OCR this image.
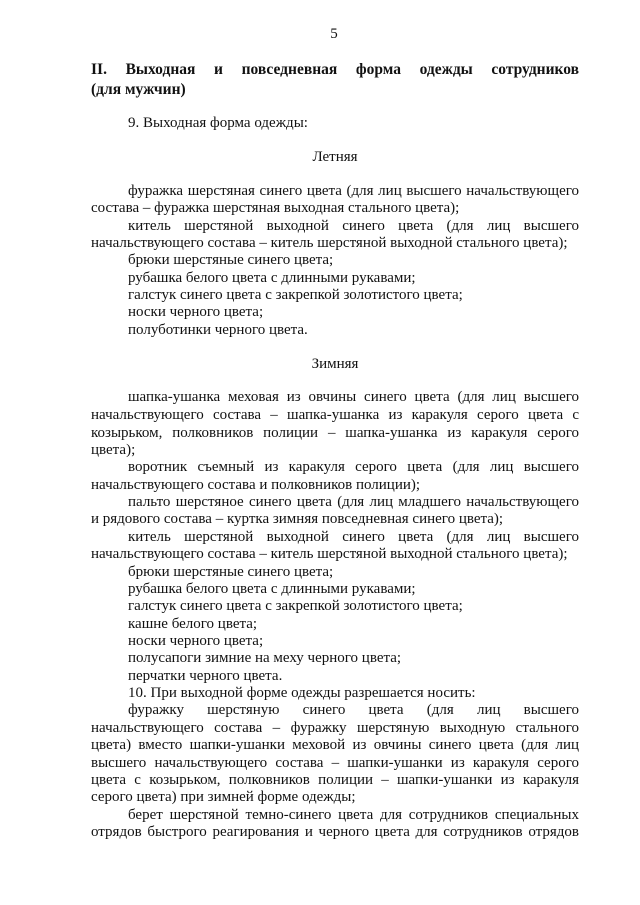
5
II. Выходная и повседневная форма одежды сотрудников
(для мужчин)
9. Выходная форма одежды:
Летняя
фуражка шерстяная синего цвета (для лиц высшего начальствующего
состава – фуражка шерстяная выходная стального цвета);
китель шерстяной выходной синего цвета (для лиц высшего
начальствующего состава – китель шерстяной выходной стального цвета);
брюки шерстяные синего цвета;
рубашка белого цвета с длинными рукавами;
галстук синего цвета с закрепкой золотистого цвета;
носки черного цвета;
полуботинки черного цвета.
Зимняя
шапка-ушанка меховая из овчины синего цвета (для лиц высшего
начальствующего состава – шапка-ушанка из каракуля серого цвета с
козырьком, полковников полиции – шапка-ушанка из каракуля серого
цвета);
воротник съемный из каракуля серого цвета (для лиц высшего
начальствующего состава и полковников полиции);
пальто шерстяное синего цвета (для лиц младшего начальствующего
и рядового состава – куртка зимняя повседневная синего цвета);
китель шерстяной выходной синего цвета (для лиц высшего
начальствующего состава – китель шерстяной выходной стального цвета);
брюки шерстяные синего цвета;
рубашка белого цвета с длинными рукавами;
галстук синего цвета с закрепкой золотистого цвета;
кашне белого цвета;
носки черного цвета;
полусапоги зимние на меху черного цвета;
перчатки черного цвета.
10. При выходной форме одежды разрешается носить:
фуражку шерстяную синего цвета (для лиц высшего
начальствующего состава – фуражку шерстяную выходную стального
цвета) вместо шапки-ушанки меховой из овчины синего цвета (для лиц
высшего начальствующего состава – шапки-ушанки из каракуля серого
цвета с козырьком, полковников полиции – шапки-ушанки из каракуля
серого цвета) при зимней форме одежды;
берет шерстяной темно-синего цвета для сотрудников специальных
отрядов быстрого реагирования и черного цвета для сотрудников отрядов
